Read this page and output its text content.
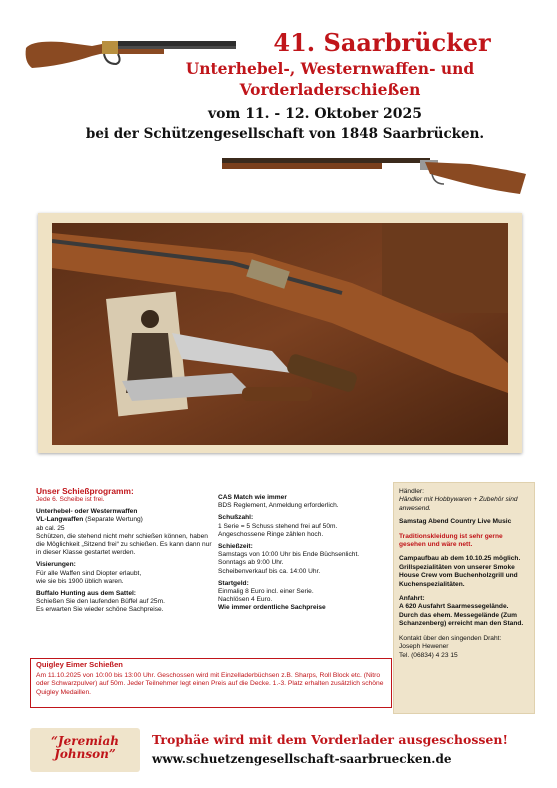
41. Saarbrücker
Unterhebel-, Westernwaffen- und
Vorderladerschießen
vom 11. - 12. Oktober 2025
bei der Schützengesellschaft von 1848 Saarbrücken.
Unser Schießprogramm:
Jede 6. Scheibe ist frei.
Unterhebel- oder Westernwaffen
VL-Langwaffen (Separate Wertung)
ab cal. 25
Schützen, die stehend nicht mehr schießen können, haben die Möglichkeit „Sitzend frei“ zu schießen. Es kann dann nur in dieser Klasse gestartet werden.
Visierungen:
Für alle Waffen sind Diopter erlaubt,
wie sie bis 1900 üblich waren.
Buffalo Hunting aus dem Sattel:
Schießen Sie den laufenden Büffel auf 25m.
Es erwarten Sie wieder schöne Sachpreise.
CAS Match wie immer
BDS Reglement, Anmeldung erforderlich.
Schußzahl:
1 Serie = 5 Schuss stehend frei auf 50m.
Angeschossene Ringe zählen hoch.
Schießzeit:
Samstags von 10:00 Uhr bis Ende Büchsenlicht.
Sonntags ab 9:00 Uhr.
Scheibenverkauf bis ca. 14:00 Uhr.
Startgeld:
Einmalig 8 Euro incl. einer Serie.
Nachlösen 4 Euro.
Wie immer ordentliche Sachpreise
Quigley Eimer Schießen
Am 11.10.2025 von 10:00 bis 13:00 Uhr. Geschossen wird mit Einzelladerbüchsen z.B. Sharps, Roll Block etc. (Nitro oder Schwarzpulver) auf 50m. Jeder Teilnehmer legt einen Preis auf die Decke. 1.-3. Platz erhalten zusätzlich schöne Quigley Medaillen.
Händler:
Händler mit Hobbywaren + Zubehör sind anwesend.
Samstag Abend Country Live Music
Traditionskleidung ist sehr gerne gesehen und wäre nett.
Campaufbau ab dem 10.10.25 möglich. Grillspezialitäten von unserer Smoke House Crew vom Buchenholzgrill und Kuchenspezialitäten.
Anfahrt:
A 620 Ausfahrt Saarmessegelände. Durch das ehem. Messegelände (Zum Schanzenberg) erreicht man den Stand.
Kontakt über den singenden Draht:
Joseph Hewener
Tel. (06834) 4 23 15
“Jeremiah
Johnson”
Trophäe wird mit dem Vorderlader ausgeschossen!
www.schuetzengesellschaft-saarbruecken.de
